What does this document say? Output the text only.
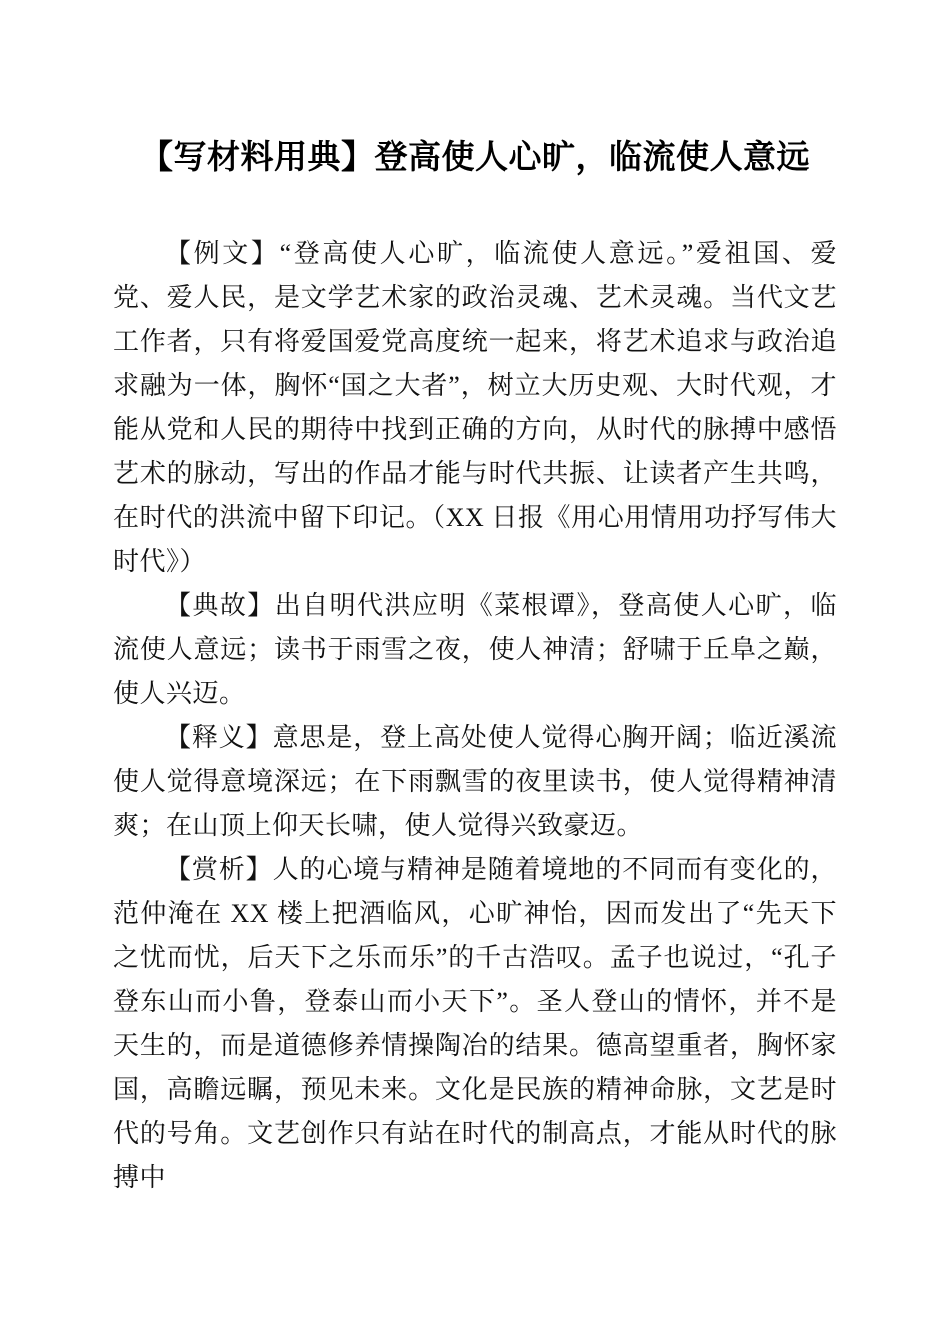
【写材料用典】登高使人心旷，临流使人意远

【例文】“登高使人心旷，临流使人意远。”爱祖国、爱党、爱人民，是文学艺术家的政治灵魂、艺术灵魂。当代文艺工作者，只有将爱国爱党高度统一起来，将艺术追求与政治追求融为一体，胸怀“国之大者”，树立大历史观、大时代观，才能从党和人民的期待中找到正确的方向，从时代的脉搏中感悟艺术的脉动，写出的作品才能与时代共振、让读者产生共鸣，在时代的洪流中留下印记。（XX 日报《用心用情用功抒写伟大时代》）

【典故】出自明代洪应明《菜根谭》，登高使人心旷，临流使人意远；读书于雨雪之夜，使人神清；舒啸于丘阜之巅，使人兴迈。

【释义】意思是，登上高处使人觉得心胸开阔；临近溪流使人觉得意境深远；在下雨飘雪的夜里读书，使人觉得精神清爽；在山顶上仰天长啸，使人觉得兴致豪迈。

【赏析】人的心境与精神是随着境地的不同而有变化的，范仲淹在 XX 楼上把酒临风，心旷神怡，因而发出了“先天下之忧而忧，后天下之乐而乐”的千古浩叹。孟子也说过，“孔子登东山而小鲁，登泰山而小天下”。圣人登山的情怀，并不是天生的，而是道德修养情操陶冶的结果。德高望重者，胸怀家国，高瞻远瞩，预见未来。文化是民族的精神命脉，文艺是时代的号角。文艺创作只有站在时代的制高点，才能从时代的脉搏中
